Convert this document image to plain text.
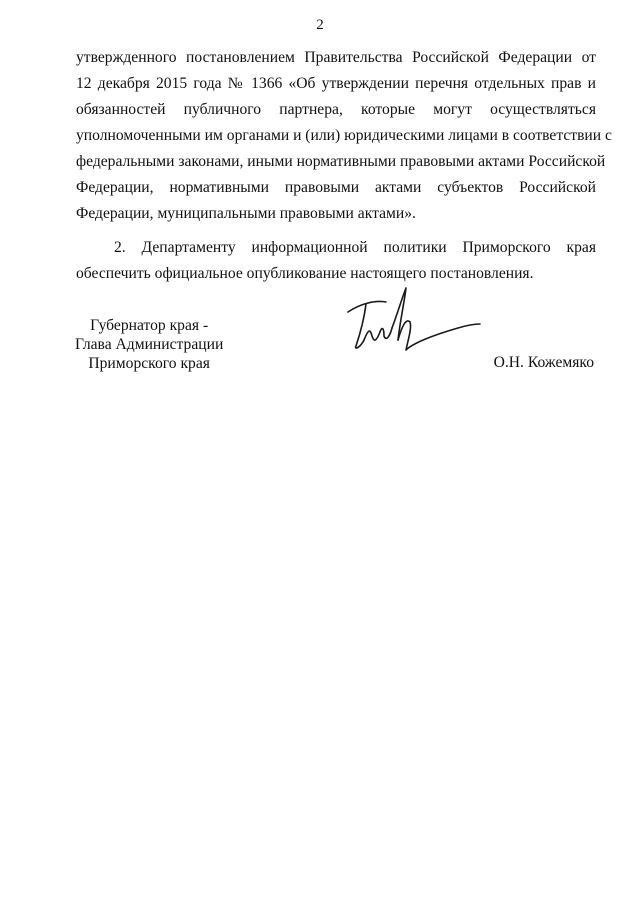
2
утвержденного постановлением Правительства Российской Федерации от
12 декабря 2015 года № 1366 «Об утверждении перечня отдельных прав и
обязанностей публичного партнера, которые могут осуществляться
уполномоченными им органами и (или) юридическими лицами в соответствии с
федеральными законами, иными нормативными правовыми актами Российской
Федерации, нормативными правовыми актами субъектов Российской
Федерации, муниципальными правовыми актами».
2. Департаменту информационной политики Приморского края
обеспечить официальное опубликование настоящего постановления.
Губернатор края -
Глава Администрации
Приморского края	О.Н. Кожемяко
